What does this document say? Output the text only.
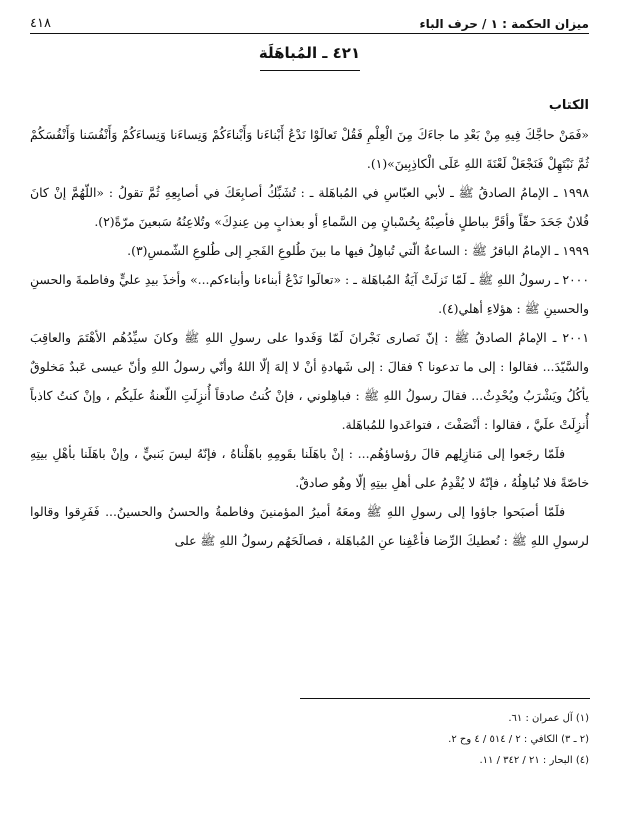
ميزان الحكمة : ١ / حرف الباء
٤١٨
٤٢١ ـ المُباهَلَة
الكتاب

«فَمَنْ حاجَّكَ فِيهِ مِنْ بَعْدِ ما جاءَكَ مِنَ الْعِلْمِ فَقُلْ تَعالَوْا نَدْعُ أَبْناءَنا وَأَبْناءَكُمْ وَنِساءَنا وَنِساءَكُمْ وَأَنْفُسَنا وَأَنْفُسَكُمْ ثُمَّ نَبْتَهِلْ فَنَجْعَلْ لَعْنَةَ اللهِ عَلَى الْكاذِبِينَ»(١).

١٩٩٨ ـ الإمامُ الصادقُ ﷺ ـ لأبي العبّاسِ في المُباهَلة ـ : تُشَبِّكُ أصابِعَكَ في أصابِعِهِ ثُمَّ تقولُ : «اللّهُمَّ إنْ كانَ فُلانٌ جَحَدَ حقّاً وأقَرَّ بباطلٍ فأصِبْهُ بِحُسْبانٍ مِن السَّماءِ أو بعذابٍ مِن عِندِكَ» وتُلاعِنُهُ سَبعينَ مرّةً(٢).

١٩٩٩ ـ الإمامُ الباقرُ ﷺ : الساعةُ الّتي تُباهِلُ فيها ما بينَ طُلوعِ الفَجرِ إلى طُلوعِ الشّمسِ(٣).

٢٠٠٠ ـ رسولُ اللهِ ﷺ ـ لَمّا نَزلَتْ آيَةُ المُباهَلة ـ : «تعالَوا نَدْعُ أبناءنا وأبناءكم...» وأخذَ بيدِ عليٍّ وفاطمةَ والحسنِ والحسينِ ﷺ : هؤلاءِ أهلي(٤).

٢٠٠١ ـ الإمامُ الصادقُ ﷺ : إنّ نَصارى نَجْرانَ لَمّا وَفَدوا على رسولِ اللهِ ﷺ وكانَ سيِّدُهُم الأهْتَمَ والعاقِبَ والسَّيّدَ... فقالوا : إلى ما تدعونا ؟ فقالَ : إلى شَهادةِ أنْ لا إلهَ إلّا اللهُ وأنّي رسولُ اللهِ وأنّ عيسى عَبدٌ مَخلوقٌ يأكُلُ ويَشْرَبُ ويُحْدِثُ... فقالَ رسولُ اللهِ ﷺ : فباهِلوني ، فإنْ كُنتُ صادقاً أُنزِلَتِ اللّعنةُ علَيكُم ، وإنْ كنتُ كاذباً أُنزِلَتْ علَيَّ ، فقالوا : أنْصَفْتَ ، فتواعَدوا للمُباهَلة.

فلَمّا رجَعوا إلى مَنازِلِهم قالَ رؤساؤهُم... : إنْ باهَلَنا بقَومِهِ باهَلْناهُ ، فإنّهُ ليسَ بَنبيٍّ ، وإنْ باهَلَنا بأهْلِ بيتِهِ خاصّةً فلا نُباهِلُهُ ، فإنّهُ لا يُقْدِمُ على أهلِ بيتِهِ إلّا وهُو صادقٌ.

فلَمّا أصبَحوا جاؤوا إلى رسولِ اللهِ ﷺ ومعَهُ أميرُ المؤمنينَ وفاطمةُ والحسنُ والحسينُ... فَفَرِقوا وقالوا لرسولِ اللهِ ﷺ : نُعطيكَ الرِّضا فأعْفِنا عنِ المُباهَلة ، فصالَحَهُم رسولُ اللهِ ﷺ على

(١) آل عمران : ٦١.
(٢ ـ ٣) الكافي : ٢ / ٥١٤ / ٤ وح ٢.
(٤) البحار : ٢١ / ٣٤٢ / ١١.
